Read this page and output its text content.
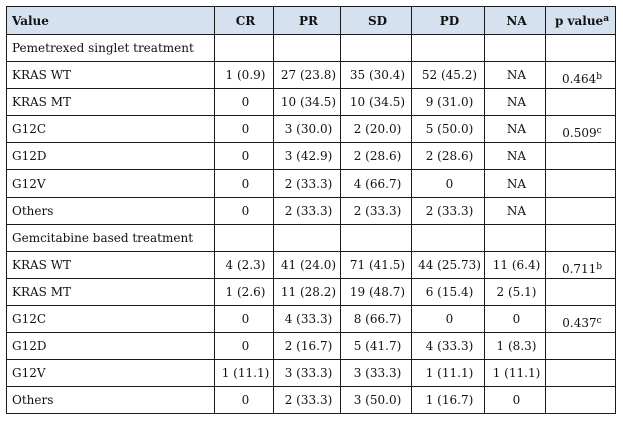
Value	CR	PR	SD	PD	NA	p value$^a$
Pemetrexed singlet treatment						
KRAS WT	1 (0.9)	27 (23.8)	35 (30.4)	52 (45.2)	NA	0.464$^b$
KRAS MT	0	10 (34.5)	10 (34.5)	9 (31.0)	NA	
G12C	0	3 (30.0)	2 (20.0)	5 (50.0)	NA	0.509$^c$
G12D	0	3 (42.9)	2 (28.6)	2 (28.6)	NA	
G12V	0	2 (33.3)	4 (66.7)	0	NA	
Others	0	2 (33.3)	2 (33.3)	2 (33.3)	NA	
Gemcitabine based treatment						
KRAS WT	4 (2.3)	41 (24.0)	71 (41.5)	44 (25.73)	11 (6.4)	0.711$^b$
KRAS MT	1 (2.6)	11 (28.2)	19 (48.7)	6 (15.4)	2 (5.1)	
G12C	0	4 (33.3)	8 (66.7)	0	0	0.437$^c$
G12D	0	2 (16.7)	5 (41.7)	4 (33.3)	1 (8.3)	
G12V	1 (11.1)	3 (33.3)	3 (33.3)	1 (11.1)	1 (11.1)	
Others	0	2 (33.3)	3 (50.0)	1 (16.7)	0	
